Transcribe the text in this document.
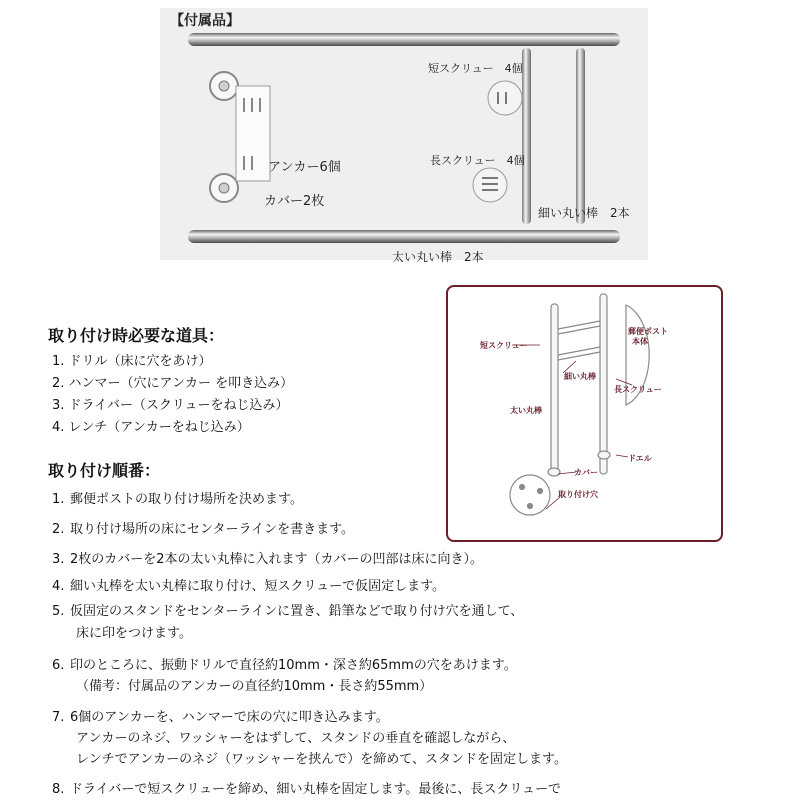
【付属品】
短スクリュー　4個
長スクリュー　4個
アンカー6個
カバー2枚
細い丸い棒　2本
太い丸い棒　2本
郵便ポスト
本体
短スクリュー
細い丸棒
長スクリュー
太い丸棒
ドエル
カバー
取り付け穴
取り付け時必要な道具：
1. ドリル（床に穴をあけ）
2. ハンマー（穴にアンカー を叩き込み）
3. ドライバー（スクリューをねじ込み）
4. レンチ（アンカーをねじ込み）
取り付け順番：
1. 郵便ポストの取り付け場所を決めます。
2. 取り付け場所の床にセンターラインを書きます。
3. 2枚のカバーを2本の太い丸棒に入れます（カバーの凹部は床に向き）。
4. 細い丸棒を太い丸棒に取り付け、短スクリューで仮固定します。
5. 仮固定のスタンドをセンターラインに置き、鉛筆などで取り付け穴を通して、
床に印をつけます。
6. 印のところに、振動ドリルで直径約10mm・深さ約65mmの穴をあけます。
（備考：付属品のアンカーの直径約10mm・長さ約55mm）
7. 6個のアンカーを、ハンマーで床の穴に叩き込みます。
アンカーのネジ、ワッシャーをはずして、スタンドの垂直を確認しながら、
レンチでアンカーのネジ（ワッシャーを挟んで）を締めて、スタンドを固定します。
8. ドライバーで短スクリューを締め、細い丸棒を固定します。最後に、長スクリューで
